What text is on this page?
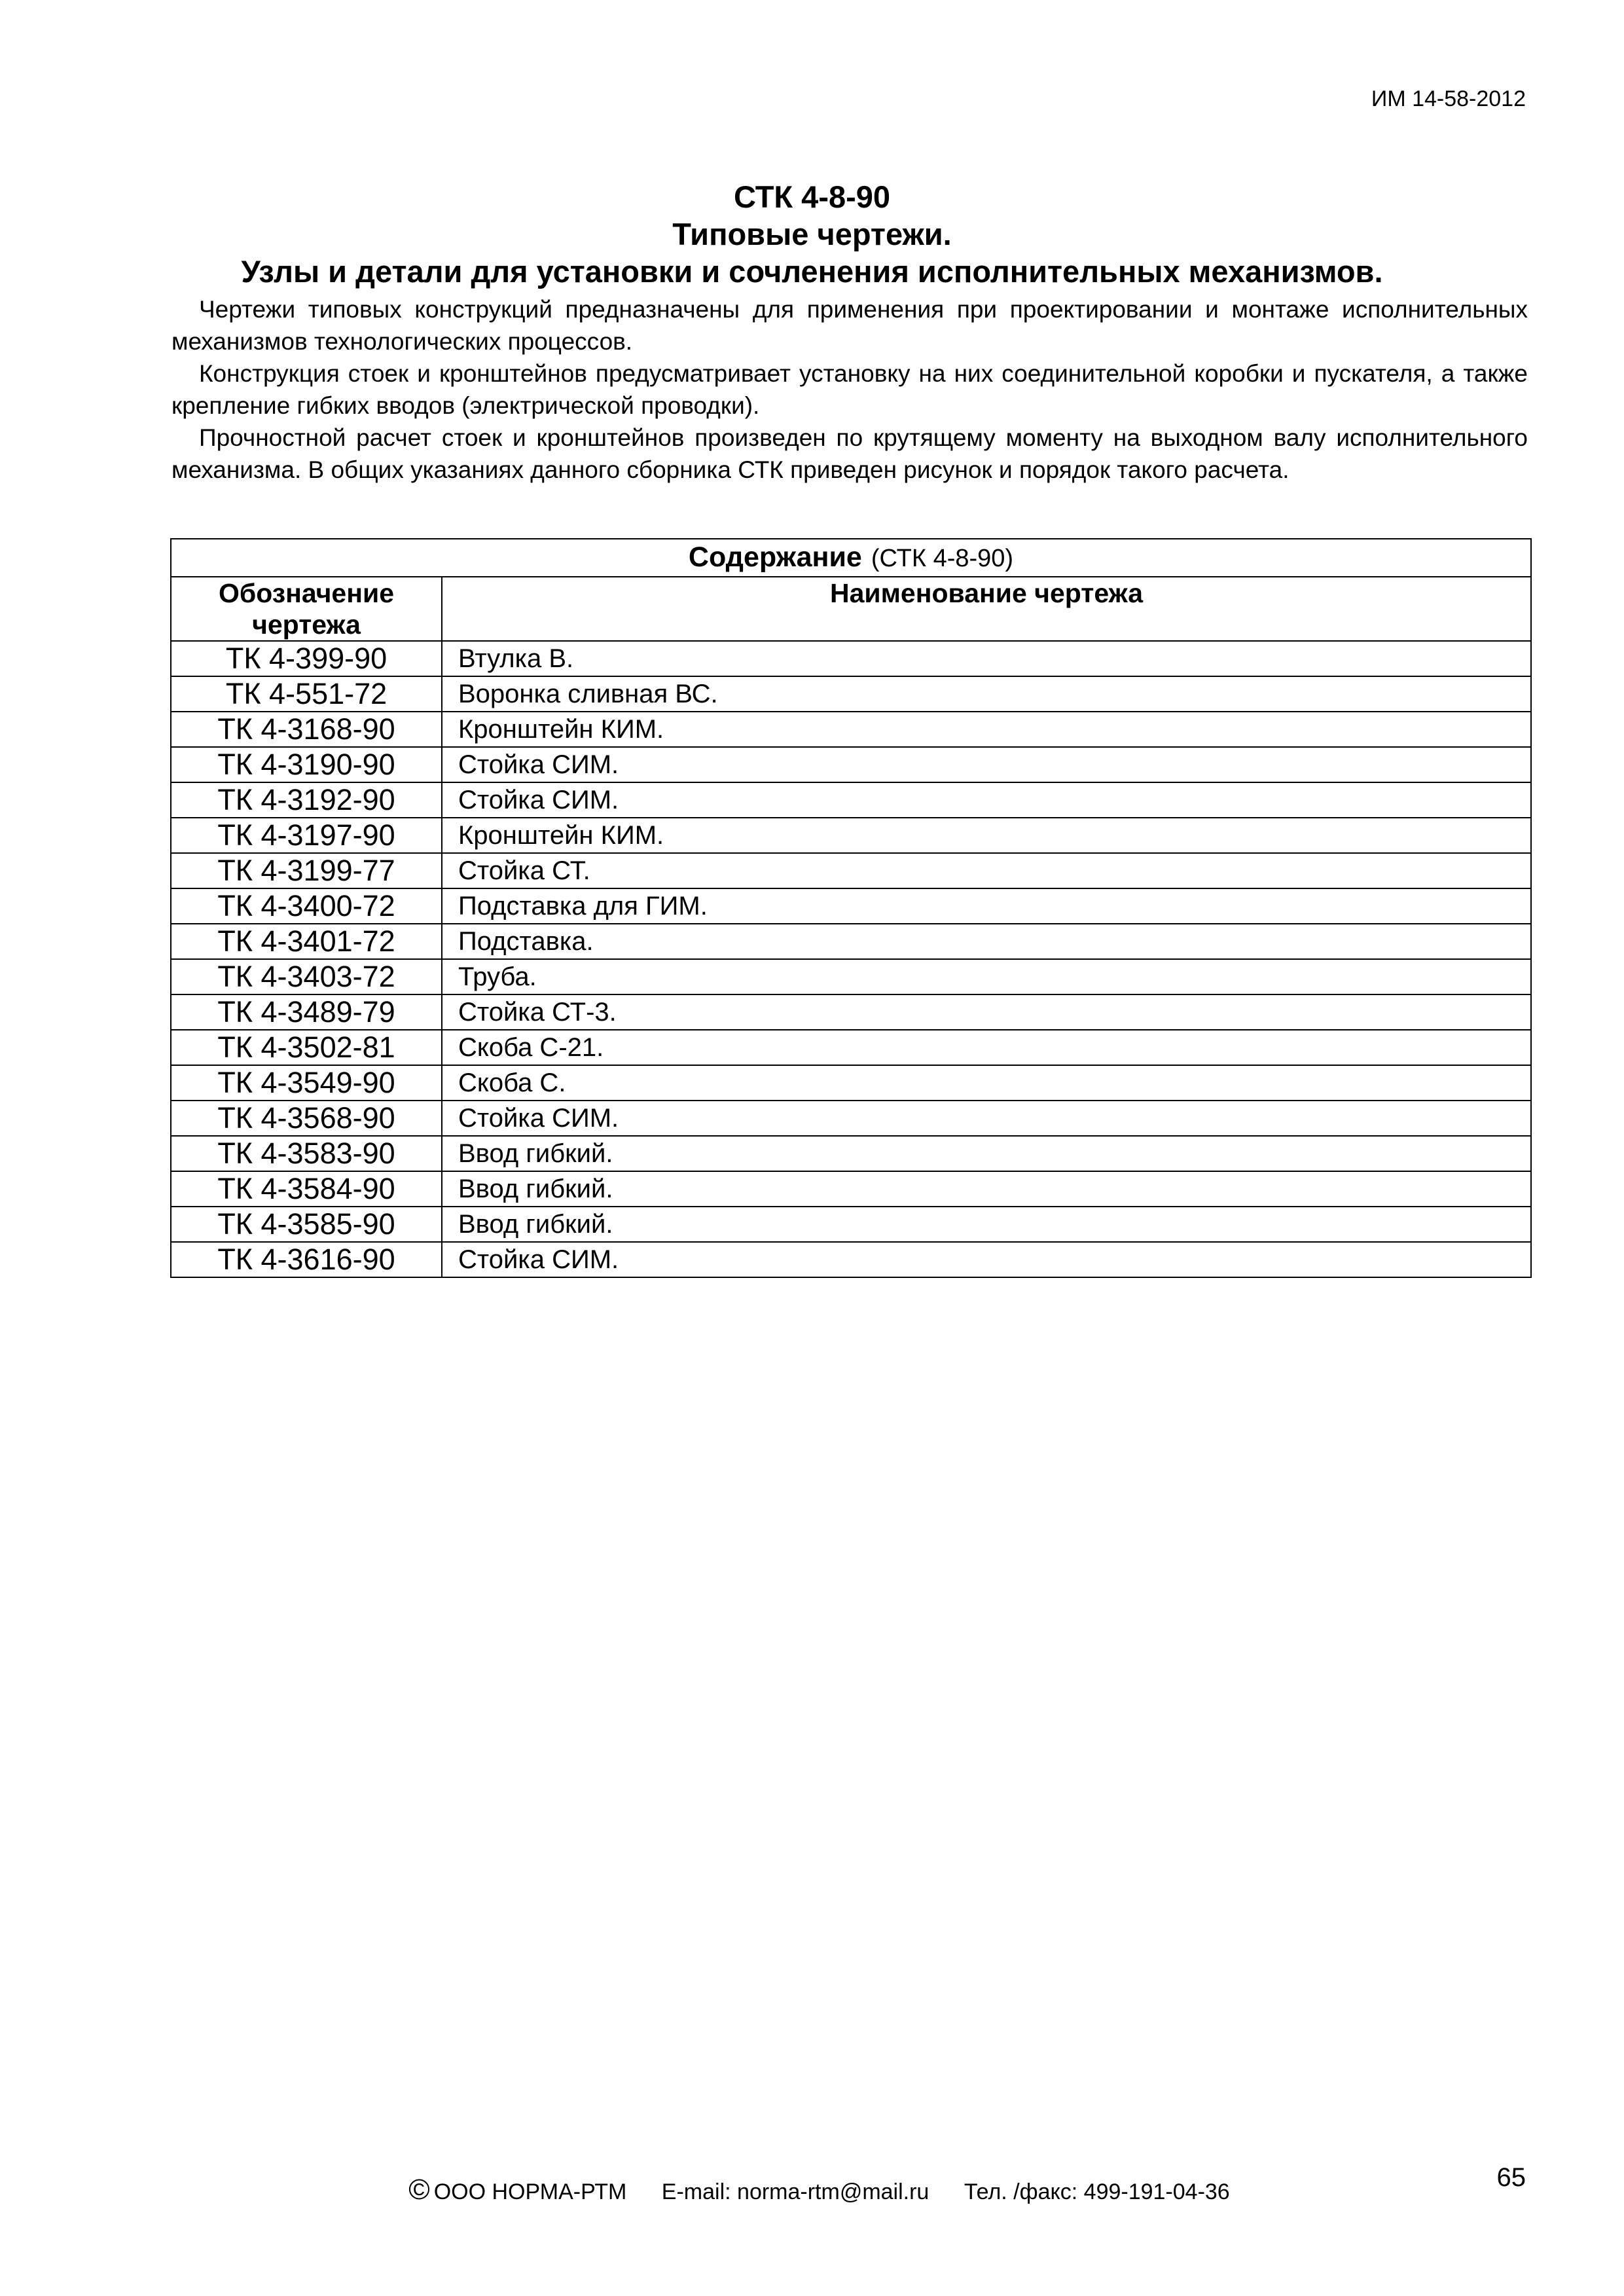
ИМ 14-58-2012
СТК 4-8-90
Типовые чертежи.
Узлы и детали для установки и сочленения исполнительных механизмов.

Чертежи типовых конструкций предназначены для применения при проектировании и монтаже исполнительных механизмов технологических процессов.

Конструкция стоек и кронштейнов предусматривает установку на них соединительной коробки и пускателя, а также крепление гибких вводов (электрической проводки).

Прочностной расчет стоек и кронштейнов произведен по крутящему моменту на выходном валу исполнительного механизма. В общих указаниях данного сборника СТК приведен рисунок и порядок такого расчета.

Содержание (СТК 4-8-90)	
Обозначение чертежа	Наименование чертежа
ТК 4-399-90	Втулка В.
ТК 4-551-72	Воронка сливная ВС.
ТК 4-3168-90	Кронштейн КИМ.
ТК 4-3190-90	Стойка СИМ.
ТК 4-3192-90	Стойка СИМ.
ТК 4-3197-90	Кронштейн КИМ.
ТК 4-3199-77	Стойка СТ.
ТК 4-3400-72	Подставка для ГИМ.
ТК 4-3401-72	Подставка.
ТК 4-3403-72	Труба.
ТК 4-3489-79	Стойка СТ-3.
ТК 4-3502-81	Скоба С-21.
ТК 4-3549-90	Скоба С.
ТК 4-3568-90	Стойка СИМ.
ТК 4-3583-90	Ввод гибкий.
ТК 4-3584-90	Ввод гибкий.
ТК 4-3585-90	Ввод гибкий.
ТК 4-3616-90	Стойка СИМ.
© ООО НОРМА-РТМ E-mail: norma-rtm@mail.ru Тел. /факс: 499-191-04-36	65
